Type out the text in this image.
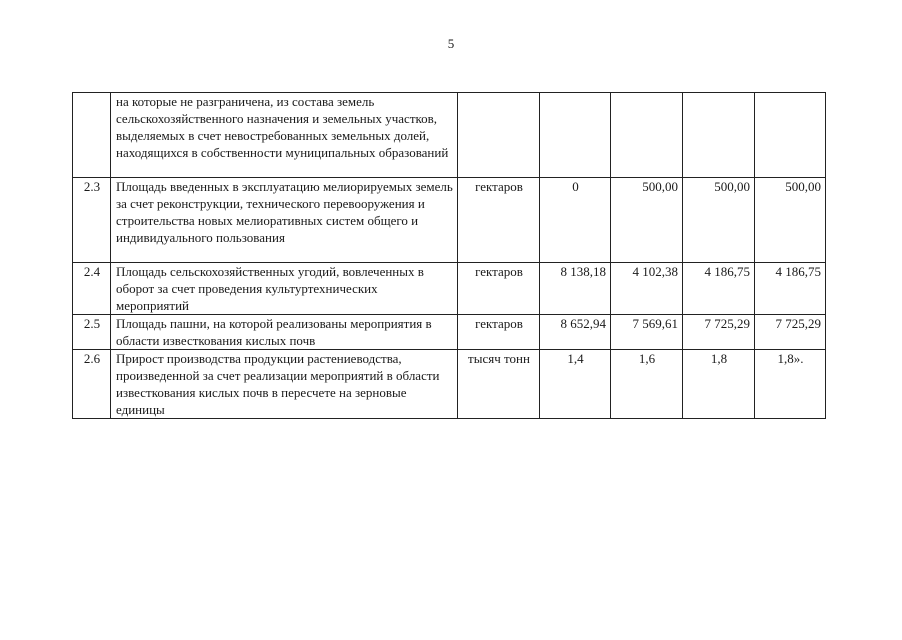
5
	на которые не разграничена, из состава земель сельскохозяйственного назначения и земельных участков, выделяемых в счет невостребованных земельных долей, находящихся в собственности муниципальных образований					
2.3	Площадь введенных в эксплуатацию мелиорируемых земель за счет реконструкции, технического перевооружения и строительства новых мелиоративных систем общего и индивидуального пользования	гектаров	0	500,00	500,00	500,00
2.4	Площадь сельскохозяйственных угодий, вовлеченных в оборот за счет проведения культуртехнических мероприятий	гектаров	8 138,18	4 102,38	4 186,75	4 186,75
2.5	Площадь пашни, на которой реализованы мероприятия в области известкования кислых почв	гектаров	8 652,94	7 569,61	7 725,29	7 725,29
2.6	Прирост производства продукции растениеводства, произведенной за счет реализации мероприятий в области известкования кислых почв в пересчете на зерновые единицы	тысяч тонн	1,4	1,6	1,8	1,8».
